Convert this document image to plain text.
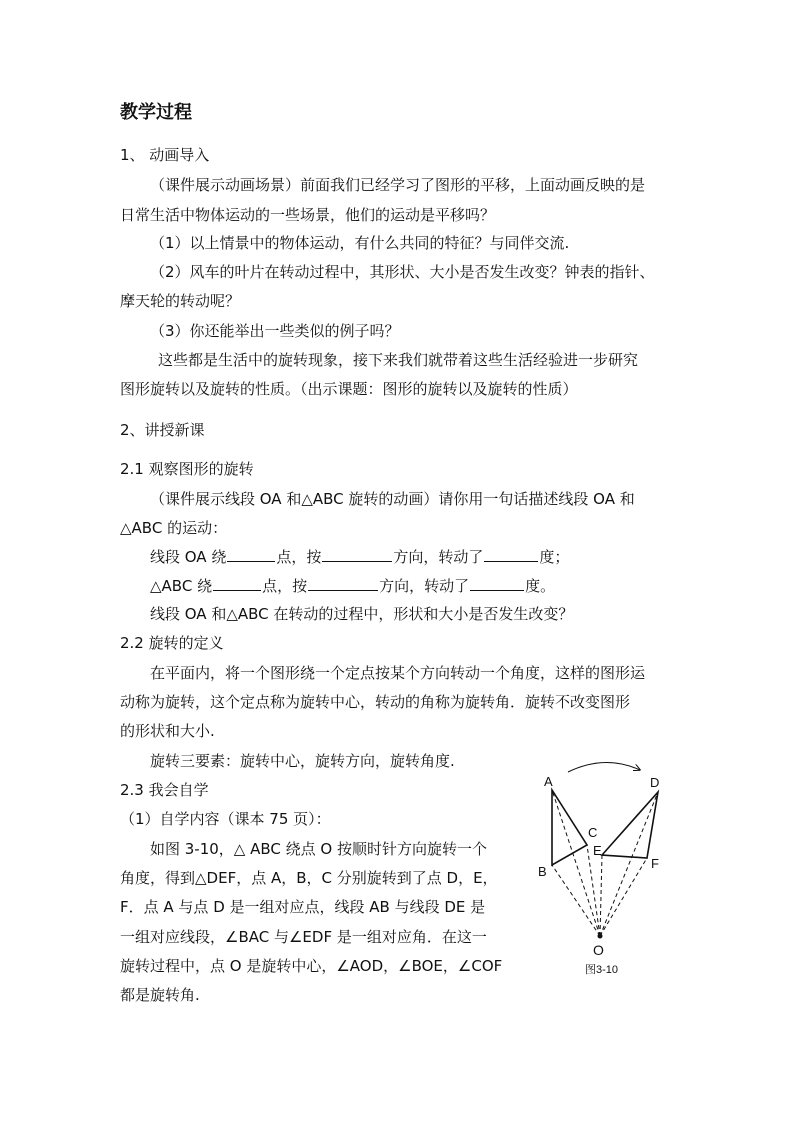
教学过程
1、 动画导入
（课件展示动画场景）前面我们已经学习了图形的平移，上面动画反映的是
日常生活中物体运动的一些场景，他们的运动是平移吗？
（1）以上情景中的物体运动，有什么共同的特征？与同伴交流.
（2）风车的叶片在转动过程中，其形状、大小是否发生改变？钟表的指针、
摩天轮的转动呢？
（3）你还能举出一些类似的例子吗？
这些都是生活中的旋转现象，接下来我们就带着这些生活经验进一步研究
图形旋转以及旋转的性质。（出示课题：图形的旋转以及旋转的性质）
2、讲授新课
2.1 观察图形的旋转
（课件展示线段 OA 和△ABC 旋转的动画）请你用一句话描述线段 OA 和
△ABC 的运动：
线段 OA 绕	点，按	方向，转动了	度；
△ABC 绕	点，按	方向，转动了	度。
线段 OA 和△ABC 在转动的过程中，形状和大小是否发生改变？
2.2 旋转的定义
在平面内，将一个图形绕一个定点按某个方向转动一个角度，这样的图形运
动称为旋转，这个定点称为旋转中心，转动的角称为旋转角．旋转不改变图形
的形状和大小.
旋转三要素：旋转中心，旋转方向，旋转角度.
2.3 我会自学
（1）自学内容（课本 75 页）：
如图 3-10，△ ABC 绕点 O 按顺时针方向旋转一个
角度，得到△DEF，点 A，B，C 分别旋转到了点 D，E，
F．点 A 与点 D 是一组对应点，线段 AB 与线段 DE 是
一组对应线段，∠BAC 与∠EDF 是一组对应角．在这一
旋转过程中，点 O 是旋转中心，∠AOD，∠BOE，∠COF
都是旋转角.
A
B
C
D
E
F
O
图3-10
